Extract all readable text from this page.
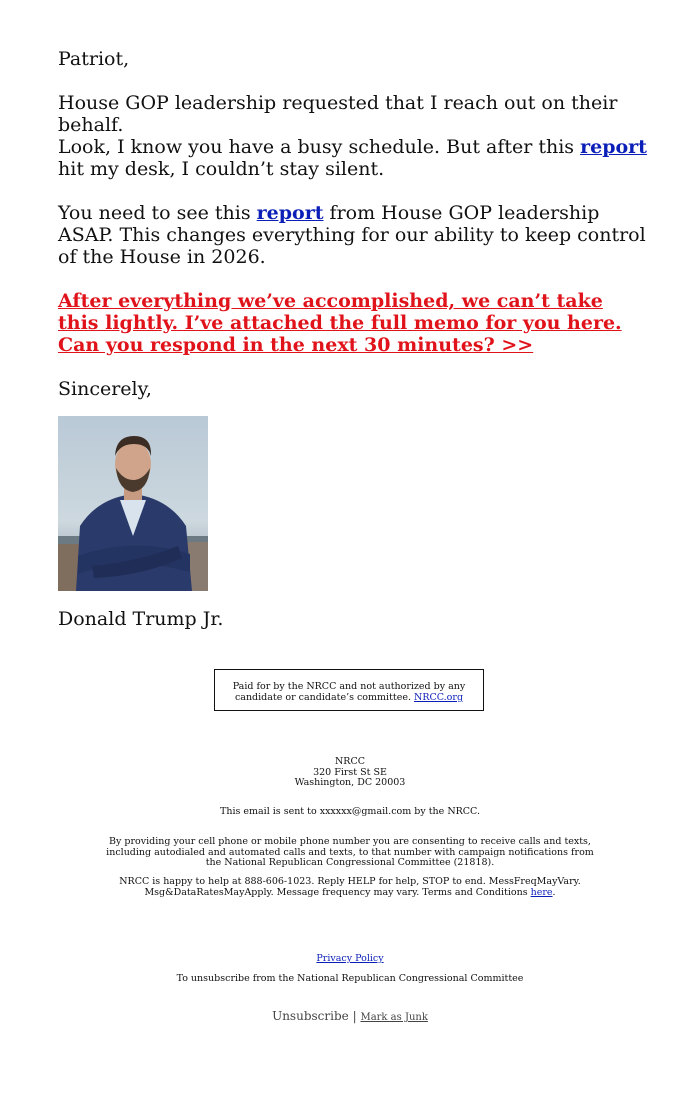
Patriot,

House GOP leadership requested that I reach out on their behalf.

Look, I know you have a busy schedule. But after this report hit my desk, I couldn’t stay silent.

You need to see this report from House GOP leadership ASAP. This changes everything for our ability to keep control of the House in 2026.

After everything we’ve accomplished, we can’t take this lightly. I’ve attached the full memo for you here. Can you respond in the next 30 minutes? >>

Sincerely,

Donald Trump Jr.

Paid for by the NRCC and not authorized by any candidate or candidate’s committee. NRCC.org
NRCC
320 First St SE
Washington, DC 20003
This email is sent to xxxxxx@gmail.com by the NRCC.
By providing your cell phone or mobile phone number you are consenting to receive calls and texts, including autodialed and automated calls and texts, to that number with campaign notifications from the National Republican Congressional Committee (21818).
NRCC is happy to help at 888-606-1023. Reply HELP for help, STOP to end. MessFreqMayVary. Msg&DataRatesMayApply. Message frequency may vary. Terms and Conditions here.
Privacy Policy
To unsubscribe from the National Republican Congressional Committee
Unsubscribe | Mark as Junk
